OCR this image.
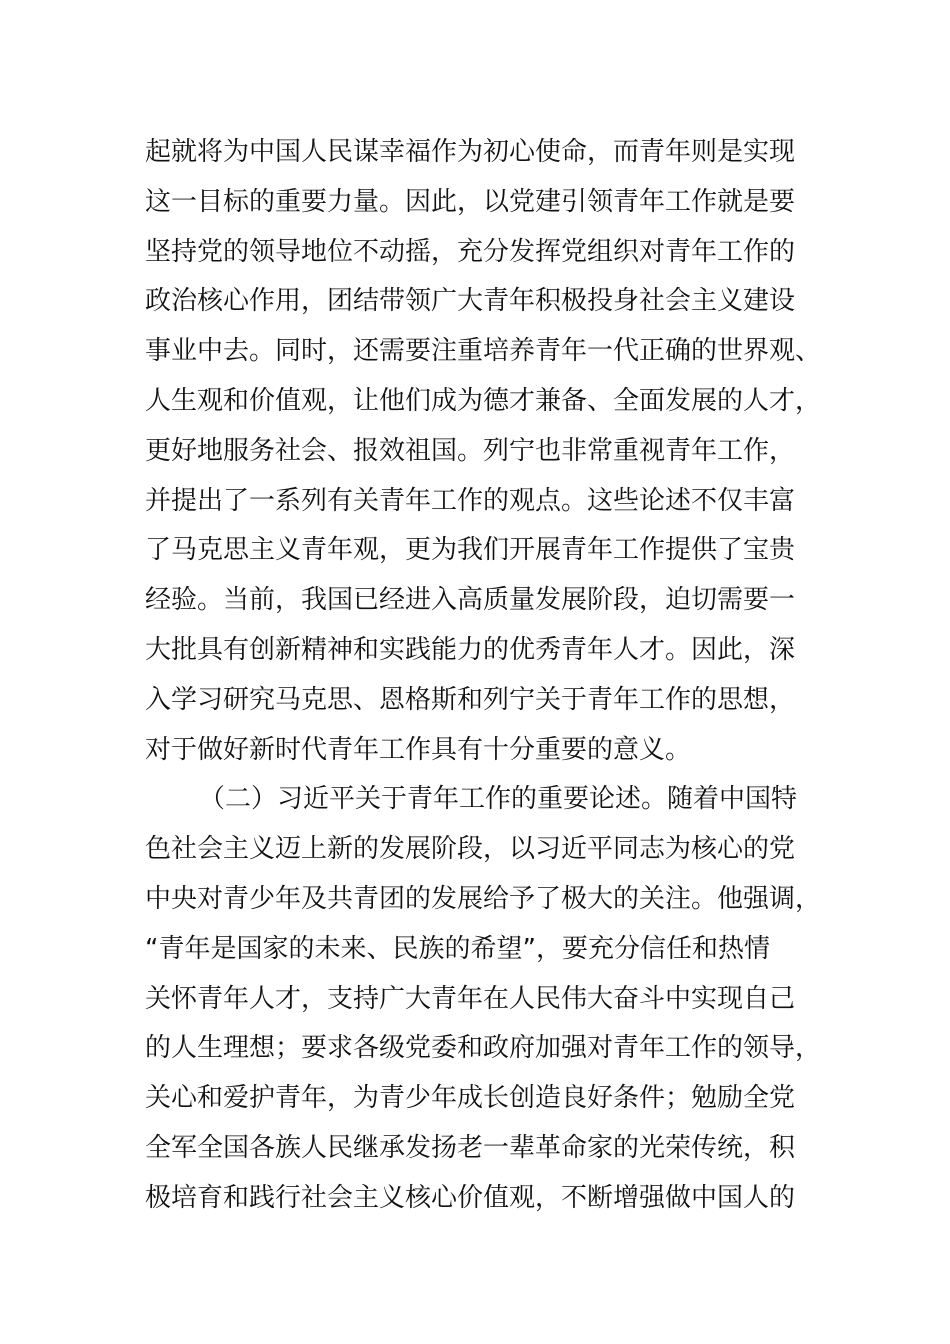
起就将为中国人民谋幸福作为初心使命，而青年则是实现
这一目标的重要力量。因此，以党建引领青年工作就是要
坚持党的领导地位不动摇，充分发挥党组织对青年工作的
政治核心作用，团结带领广大青年积极投身社会主义建设
事业中去。同时，还需要注重培养青年一代正确的世界观、
人生观和价值观，让他们成为德才兼备、全面发展的人才，
更好地服务社会、报效祖国。列宁也非常重视青年工作，
并提出了一系列有关青年工作的观点。这些论述不仅丰富
了马克思主义青年观，更为我们开展青年工作提供了宝贵
经验。当前，我国已经进入高质量发展阶段，迫切需要一
大批具有创新精神和实践能力的优秀青年人才。因此，深
入学习研究马克思、恩格斯和列宁关于青年工作的思想，
对于做好新时代青年工作具有十分重要的意义。
（二）习近平关于青年工作的重要论述。随着中国特
色社会主义迈上新的发展阶段，以习近平同志为核心的党
中央对青少年及共青团的发展给予了极大的关注。他强调，
“青年是国家的未来、民族的希望”，要充分信任和热情
关怀青年人才，支持广大青年在人民伟大奋斗中实现自己
的人生理想；要求各级党委和政府加强对青年工作的领导，
关心和爱护青年，为青少年成长创造良好条件；勉励全党
全军全国各族人民继承发扬老一辈革命家的光荣传统，积
极培育和践行社会主义核心价值观，不断增强做中国人的
